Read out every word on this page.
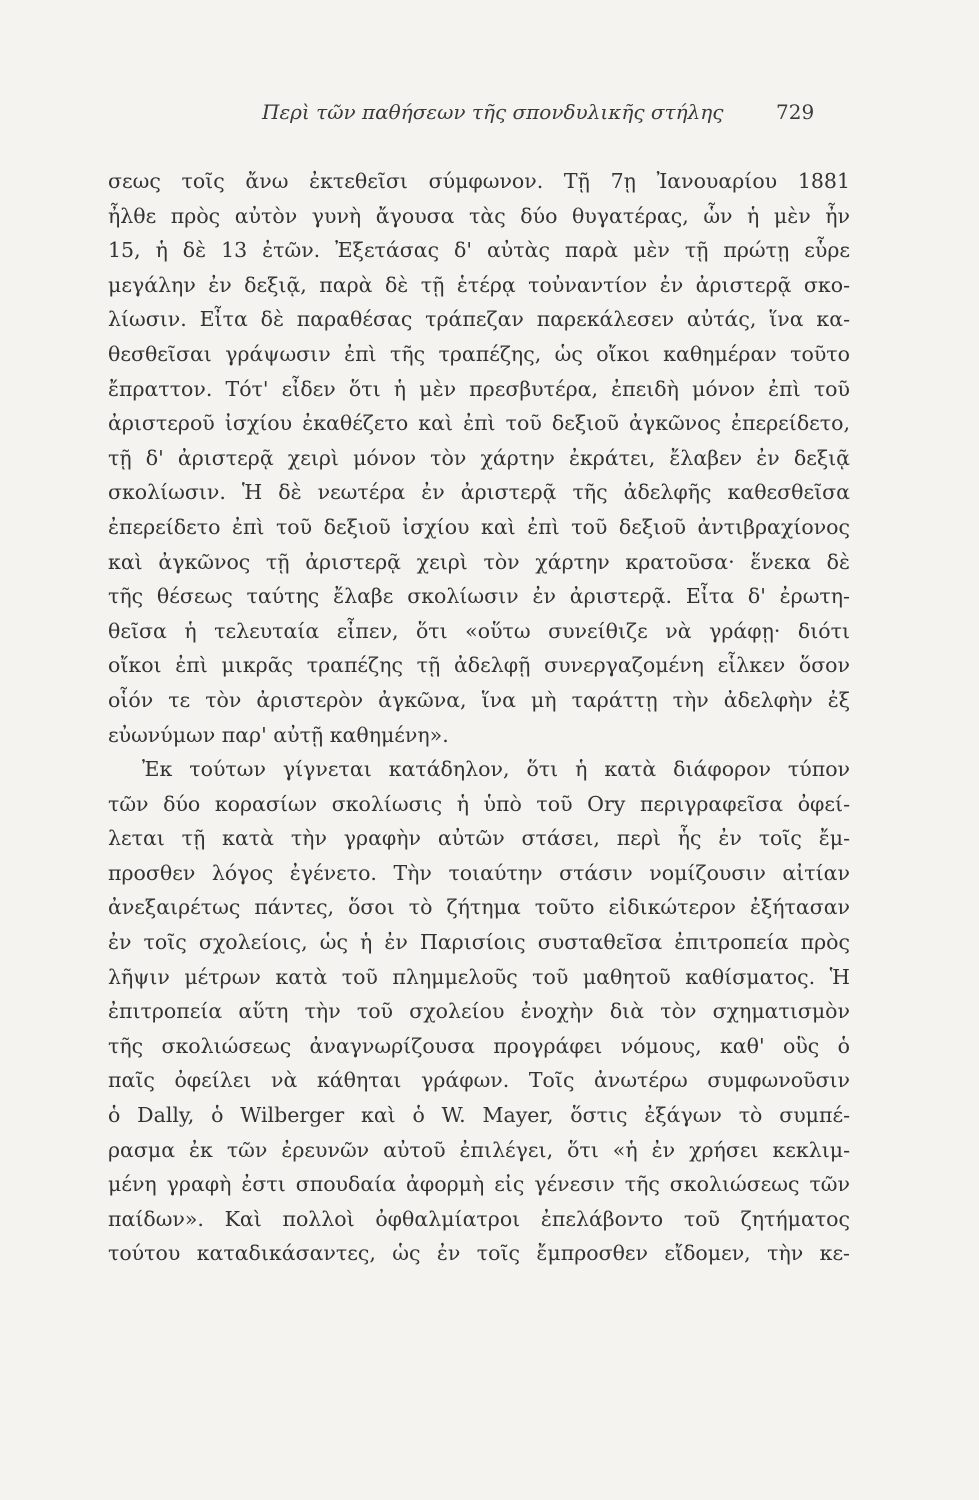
Περὶ τῶν παθήσεων τῆς σπονδυλικῆς στήλης	729
σεως τοῖς ἄνω ἐκτεθεῖσι σύμφωνον. Τῇ 7ῃ Ἰανουαρίου 1881
ἦλθε πρὸς αὐτὸν γυνὴ ἄγουσα τὰς δύο θυγατέρας, ὧν ἡ μὲν ἦν
15, ἡ δὲ 13 ἐτῶν. Ἐξετάσας δ' αὐτὰς παρὰ μὲν τῇ πρώτῃ εὗρε
μεγάλην ἐν δεξιᾷ, παρὰ δὲ τῇ ἑτέρᾳ τοὐναντίον ἐν ἀριστερᾷ σκο-
λίωσιν. Εἶτα δὲ παραθέσας τράπεζαν παρεκάλεσεν αὐτάς, ἵνα κα-
θεσθεῖσαι γράψωσιν ἐπὶ τῆς τραπέζης, ὡς οἴκοι καθημέραν τοῦτο
ἔπραττον. Τότ' εἶδεν ὅτι ἡ μὲν πρεσβυτέρα, ἐπειδὴ μόνον ἐπὶ τοῦ
ἀριστεροῦ ἰσχίου ἐκαθέζετο καὶ ἐπὶ τοῦ δεξιοῦ ἀγκῶνος ἐπερείδετο,
τῇ δ' ἀριστερᾷ χειρὶ μόνον τὸν χάρτην ἐκράτει, ἔλαβεν ἐν δεξιᾷ
σκολίωσιν. Ἡ δὲ νεωτέρα ἐν ἀριστερᾷ τῆς ἀδελφῆς καθεσθεῖσα
ἐπερείδετο ἐπὶ τοῦ δεξιοῦ ἰσχίου καὶ ἐπὶ τοῦ δεξιοῦ ἀντιβραχίονος
καὶ ἀγκῶνος τῇ ἀριστερᾷ χειρὶ τὸν χάρτην κρατοῦσα· ἕνεκα δὲ
τῆς θέσεως ταύτης ἔλαβε σκολίωσιν ἐν ἀριστερᾷ. Εἶτα δ' ἐρωτη-
θεῖσα ἡ τελευταία εἶπεν, ὅτι «οὕτω συνείθιζε νὰ γράφῃ· διότι
οἴκοι ἐπὶ μικρᾶς τραπέζης τῇ ἀδελφῇ συνεργαζομένη εἷλκεν ὅσον
οἷόν τε τὸν ἀριστερὸν ἀγκῶνα, ἵνα μὴ ταράττῃ τὴν ἀδελφὴν ἐξ
εὐωνύμων παρ' αὐτῇ καθημένη».
Ἐκ τούτων γίγνεται κατάδηλον, ὅτι ἡ κατὰ διάφορον τύπον
τῶν δύο κορασίων σκολίωσις ἡ ὑπὸ τοῦ Ory περιγραφεῖσα ὀφεί-
λεται τῇ κατὰ τὴν γραφὴν αὐτῶν στάσει, περὶ ἧς ἐν τοῖς ἔμ-
προσθεν λόγος ἐγένετο. Τὴν τοιαύτην στάσιν νομίζουσιν αἰτίαν
ἀνεξαιρέτως πάντες, ὅσοι τὸ ζήτημα τοῦτο εἰδικώτερον ἐξήτασαν
ἐν τοῖς σχολείοις, ὡς ἡ ἐν Παρισίοις συσταθεῖσα ἐπιτροπεία πρὸς
λῆψιν μέτρων κατὰ τοῦ πλημμελοῦς τοῦ μαθητοῦ καθίσματος. Ἡ
ἐπιτροπεία αὕτη τὴν τοῦ σχολείου ἐνοχὴν διὰ τὸν σχηματισμὸν
τῆς σκολιώσεως ἀναγνωρίζουσα προγράφει νόμους, καθ' οὓς ὁ
παῖς ὀφείλει νὰ κάθηται γράφων. Τοῖς ἀνωτέρω συμφωνοῦσιν
ὁ Dally, ὁ Wilberger καὶ ὁ W. Mayer, ὅστις ἐξάγων τὸ συμπέ-
ρασμα ἐκ τῶν ἐρευνῶν αὐτοῦ ἐπιλέγει, ὅτι «ἡ ἐν χρήσει κεκλιμ-
μένη γραφὴ ἐστι σπουδαία ἀφορμὴ εἰς γένεσιν τῆς σκολιώσεως τῶν
παίδων». Καὶ πολλοὶ ὀφθαλμίατροι ἐπελάβοντο τοῦ ζητήματος
τούτου καταδικάσαντες, ὡς ἐν τοῖς ἔμπροσθεν εἴδομεν, τὴν κε-
